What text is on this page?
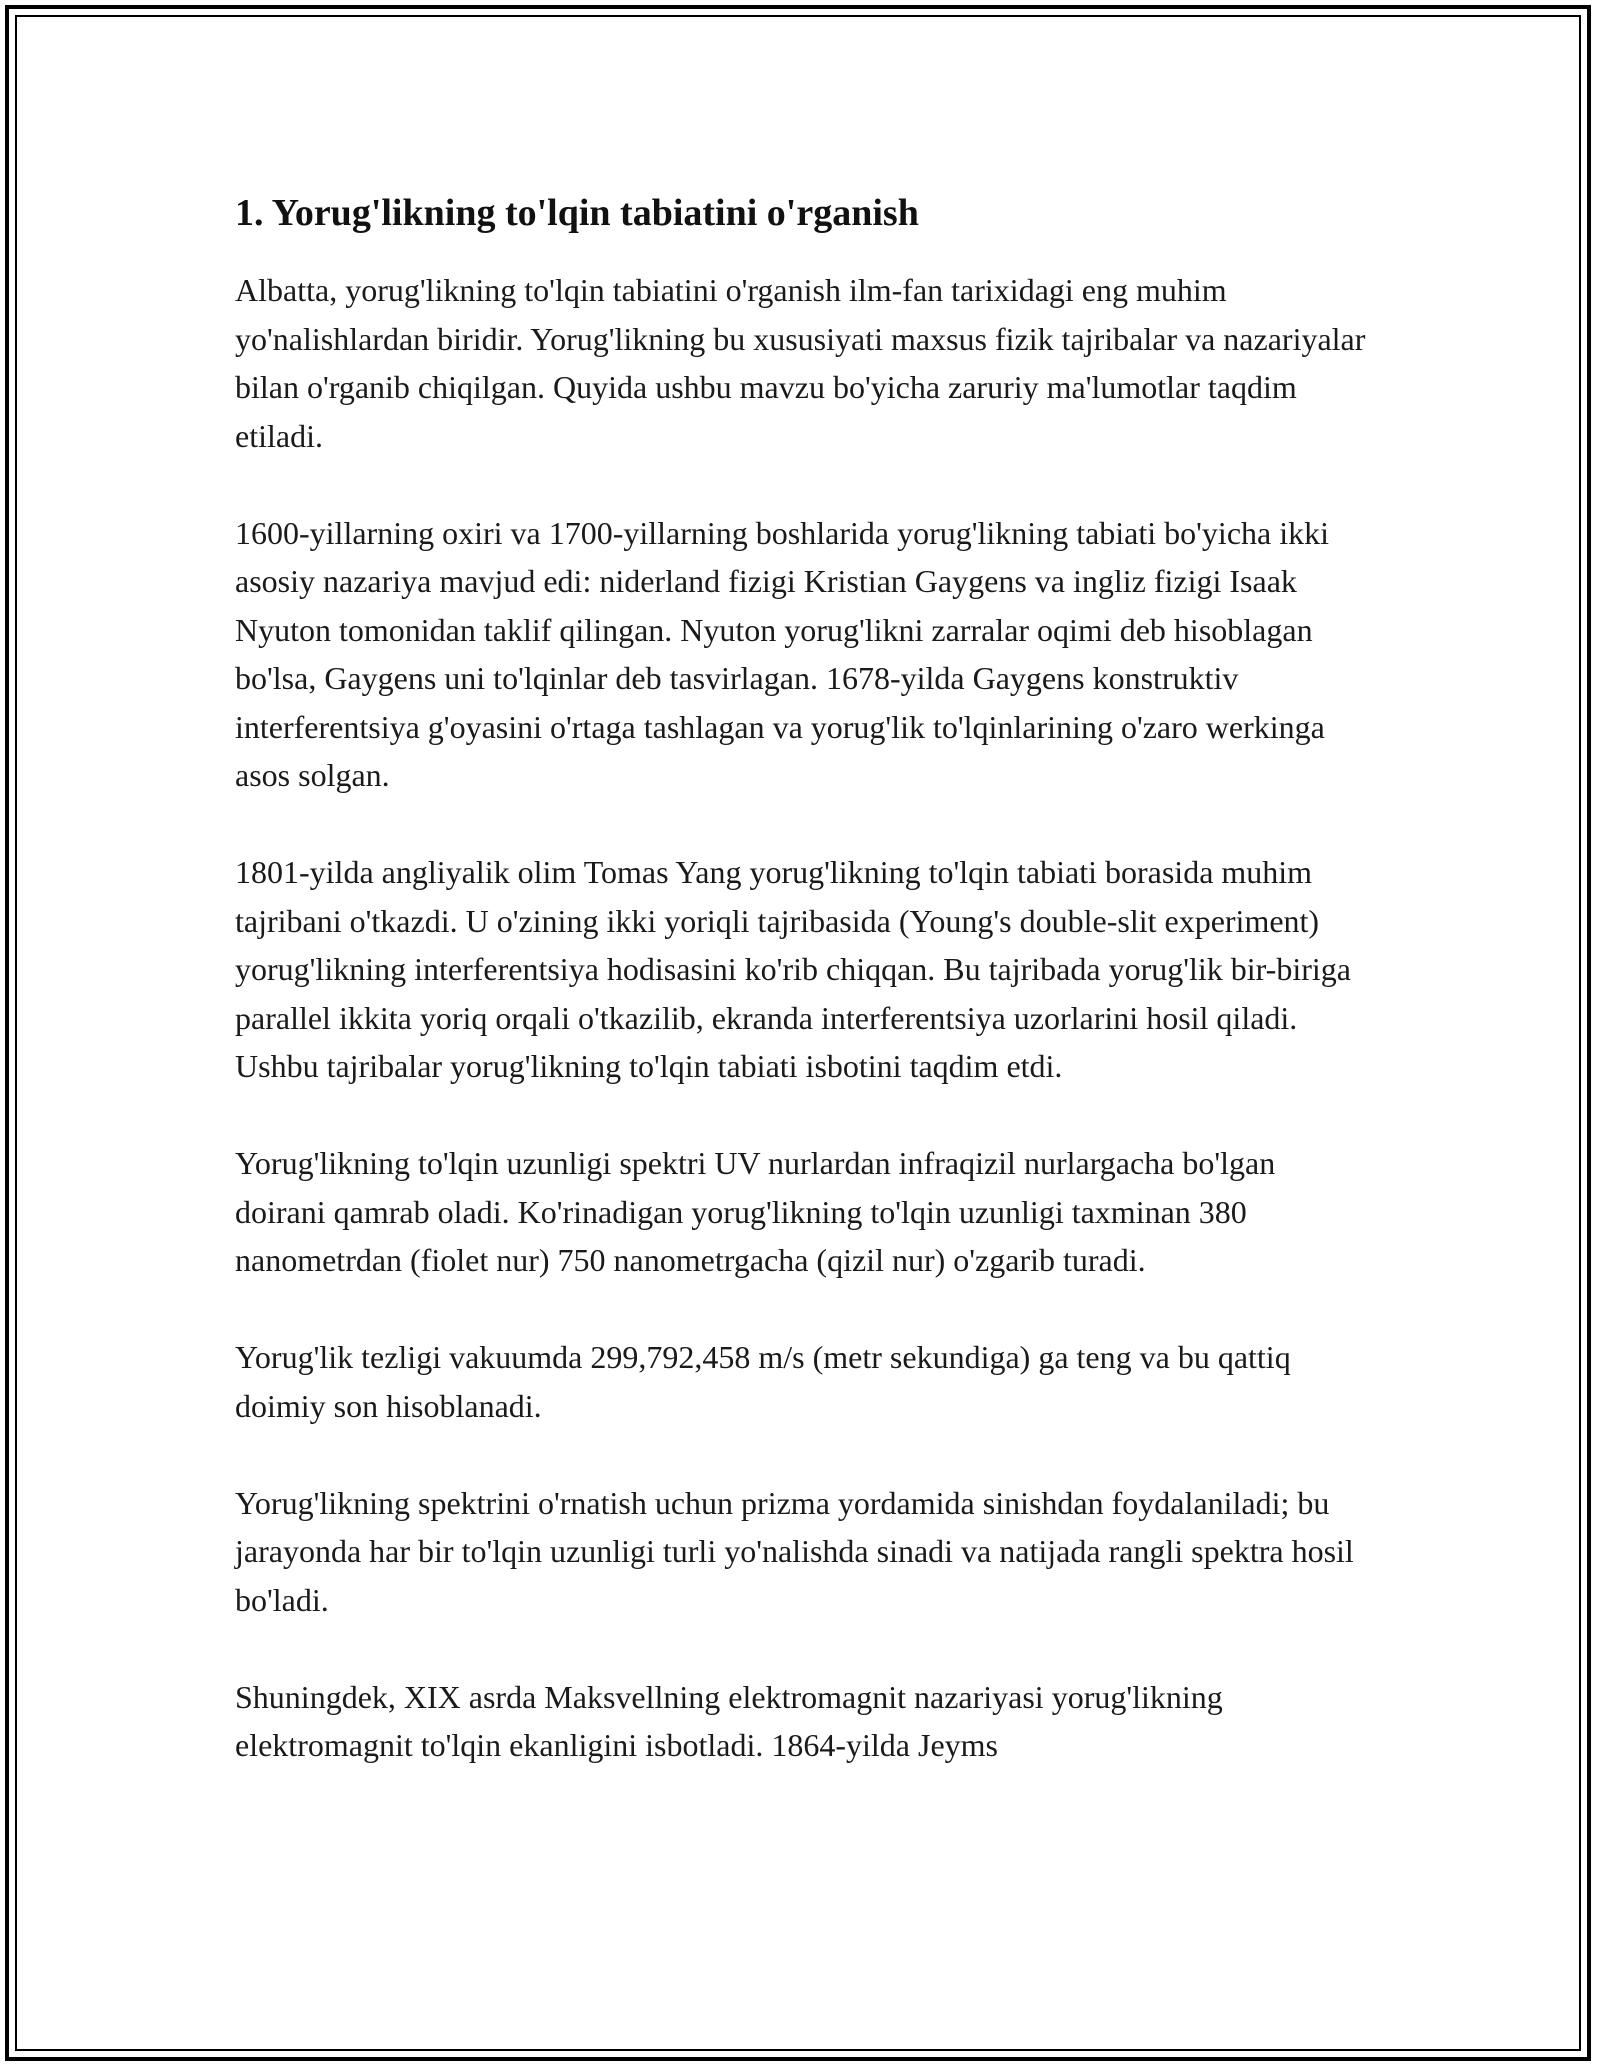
1. Yorug'likning to'lqin tabiatini o'rganish

Albatta, yorug'likning to'lqin tabiatini o'rganish ilm-fan tarixidagi eng muhim yo'nalishlardan biridir. Yorug'likning bu xususiyati maxsus fizik tajribalar va nazariyalar bilan o'rganib chiqilgan. Quyida ushbu mavzu bo'yicha zaruriy ma'lumotlar taqdim etiladi.

1600-yillarning oxiri va 1700-yillarning boshlarida yorug'likning tabiati bo'yicha ikki asosiy nazariya mavjud edi: niderland fizigi Kristian Gaygens va ingliz fizigi Isaak Nyuton tomonidan taklif qilingan. Nyuton yorug'likni zarralar oqimi deb hisoblagan bo'lsa, Gaygens uni to'lqinlar deb tasvirlagan. 1678-yilda Gaygens konstruktiv interferentsiya g'oyasini o'rtaga tashlagan va yorug'lik to'lqinlarining o'zaro werkinga asos solgan.

1801-yilda angliyalik olim Tomas Yang yorug'likning to'lqin tabiati borasida muhim tajribani o'tkazdi. U o'zining ikki yoriqli tajribasida (Young's double-slit experiment) yorug'likning interferentsiya hodisasini ko'rib chiqqan. Bu tajribada yorug'lik bir-biriga parallel ikkita yoriq orqali o'tkazilib, ekranda interferentsiya uzorlarini hosil qiladi. Ushbu tajribalar yorug'likning to'lqin tabiati isbotini taqdim etdi.

Yorug'likning to'lqin uzunligi spektri UV nurlardan infraqizil nurlargacha bo'lgan doirani qamrab oladi. Ko'rinadigan yorug'likning to'lqin uzunligi taxminan 380 nanometrdan (fiolet nur) 750 nanometrgacha (qizil nur) o'zgarib turadi.

Yorug'lik tezligi vakuumda 299,792,458 m/s (metr sekundiga) ga teng va bu qattiq doimiy son hisoblanadi.

Yorug'likning spektrini o'rnatish uchun prizma yordamida sinishdan foydalaniladi; bu jarayonda har bir to'lqin uzunligi turli yo'nalishda sinadi va natijada rangli spektra hosil bo'ladi.

Shuningdek, XIX asrda Maksvellning elektromagnit nazariyasi yorug'likning elektromagnit to'lqin ekanligini isbotladi. 1864-yilda Jeyms
